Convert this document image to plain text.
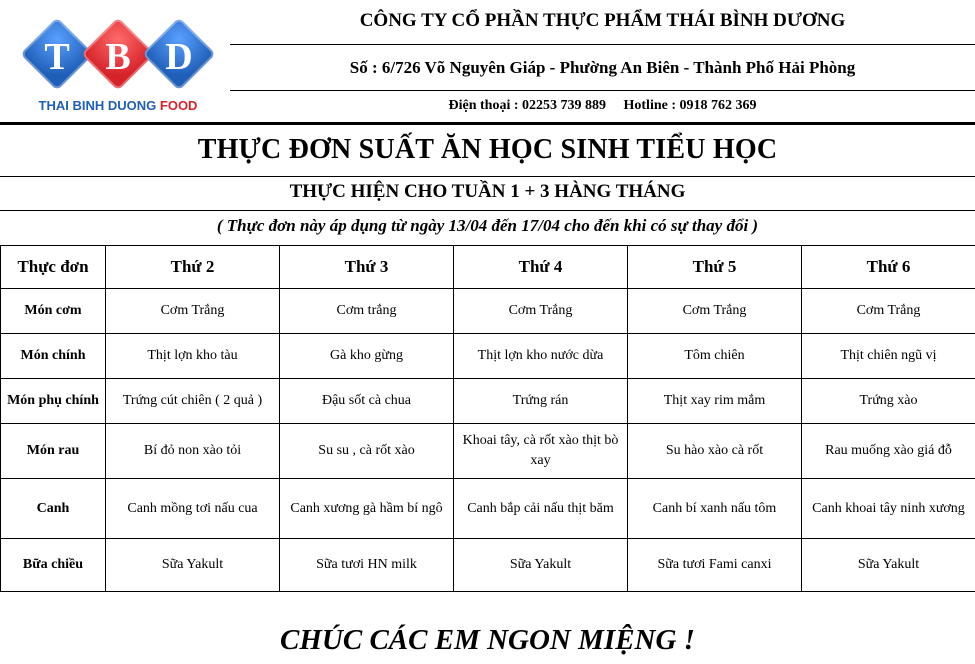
T B D
THAI BINH DUONG FOOD
CÔNG TY CỔ PHẦN THỰC PHẨM THÁI BÌNH DƯƠNG
Số : 6/726 Võ Nguyên Giáp - Phường An Biên - Thành Phố Hải Phòng
Điện thoại : 02253 739 889     Hotline : 0918 762 369
THỰC ĐƠN SUẤT ĂN HỌC SINH TIỂU HỌC
THỰC HIỆN CHO TUẦN 1 + 3 HÀNG THÁNG
( Thực đơn này áp dụng từ ngày 13/04 đến 17/04 cho đến khi có sự thay đổi )
Thực đơn	Thứ 2	Thứ 3	Thứ 4	Thứ 5	Thứ 6
Món cơm	Cơm Trắng	Cơm trắng	Cơm Trắng	Cơm Trắng	Cơm Trắng
Món chính	Thịt lợn kho tàu	Gà kho gừng	Thịt lợn kho nước dừa	Tôm chiên	Thịt chiên ngũ vị
Món phụ chính	Trứng cút chiên ( 2 quả )	Đậu sốt cà chua	Trứng rán	Thịt xay rim mắm	Trứng xào
Món rau	Bí đỏ non xào tỏi	Su su , cà rốt xào	Khoai tây, cà rốt xào thịt bò xay	Su hào xào cà rốt	Rau muống xào giá đỗ
Canh	Canh mồng tơi nấu cua	Canh xương gà hầm bí ngô	Canh bắp cải nấu thịt băm	Canh bí xanh nấu tôm	Canh khoai tây ninh xương
Bữa chiều	Sữa Yakult	Sữa tươi HN milk	Sữa Yakult	Sữa tươi Fami canxi	Sữa Yakult
CHÚC CÁC EM NGON MIỆNG !
